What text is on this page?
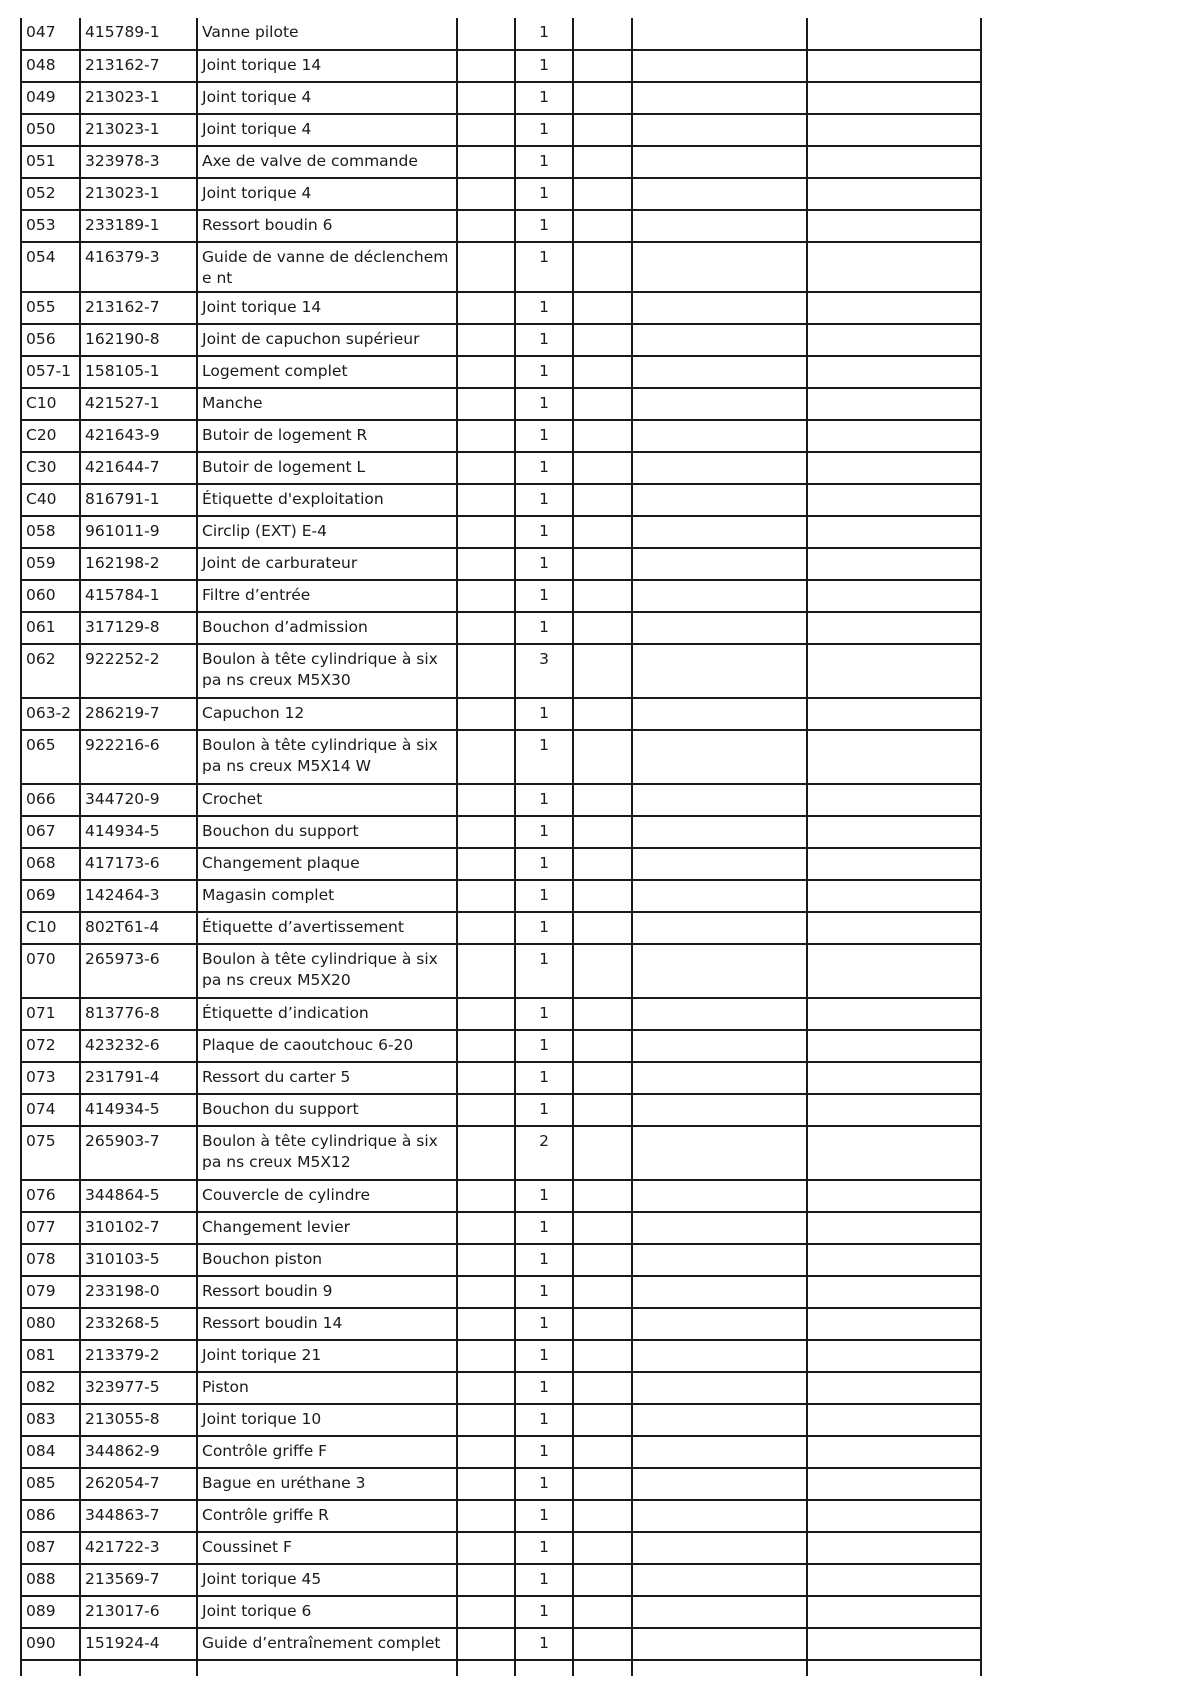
047	415789-1	Vanne pilote		1			
048	213162-7	Joint torique 14		1			
049	213023-1	Joint torique 4		1			
050	213023-1	Joint torique 4		1			
051	323978-3	Axe de valve de commande		1			
052	213023-1	Joint torique 4		1			
053	233189-1	Ressort boudin 6		1			
054	416379-3	Guide de vanne de déclencheme nt		1			
055	213162-7	Joint torique 14		1			
056	162190-8	Joint de capuchon supérieur		1			
057-1	158105-1	Logement complet		1			
C10	421527-1	Manche		1			
C20	421643-9	Butoir de logement R		1			
C30	421644-7	Butoir de logement L		1			
C40	816791-1	Étiquette d'exploitation		1			
058	961011-9	Circlip (EXT) E-4		1			
059	162198-2	Joint de carburateur		1			
060	415784-1	Filtre d’entrée		1			
061	317129-8	Bouchon d’admission		1			
062	922252-2	Boulon à tête cylindrique à six pa ns creux M5X30		3			
063-2	286219-7	Capuchon 12		1			
065	922216-6	Boulon à tête cylindrique à six pa ns creux M5X14 W		1			
066	344720-9	Crochet		1			
067	414934-5	Bouchon du support		1			
068	417173-6	Changement plaque		1			
069	142464-3	Magasin complet		1			
C10	802T61-4	Étiquette d’avertissement		1			
070	265973-6	Boulon à tête cylindrique à six pa ns creux M5X20		1			
071	813776-8	Étiquette d’indication		1			
072	423232-6	Plaque de caoutchouc 6-20		1			
073	231791-4	Ressort du carter 5		1			
074	414934-5	Bouchon du support		1			
075	265903-7	Boulon à tête cylindrique à six pa ns creux M5X12		2			
076	344864-5	Couvercle de cylindre		1			
077	310102-7	Changement levier		1			
078	310103-5	Bouchon piston		1			
079	233198-0	Ressort boudin 9		1			
080	233268-5	Ressort boudin 14		1			
081	213379-2	Joint torique 21		1			
082	323977-5	Piston		1			
083	213055-8	Joint torique 10		1			
084	344862-9	Contrôle griffe F		1			
085	262054-7	Bague en uréthane 3		1			
086	344863-7	Contrôle griffe R		1			
087	421722-3	Coussinet F		1			
088	213569-7	Joint torique 45		1			
089	213017-6	Joint torique 6		1			
090	151924-4	Guide d’entraînement complet		1			
